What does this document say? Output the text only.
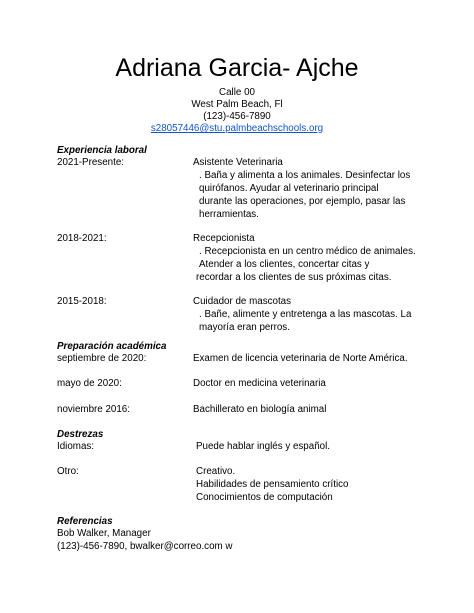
Adriana Garcia- Ajche
Calle 00
West Palm Beach, Fl
(123)-456-7890
s28057446@stu.palmbeachschools.org
Experiencia laboral
2021-Presente:	Asistente Veterinaria
. Baña y alimenta a los animales. Desinfectar los
quirófanos. Ayudar al veterinario principal
durante las operaciones, por ejemplo, pasar las
herramientas.
2018-2021:	Recepcionista
. Recepcionista en un centro médico de animales.
Atender a los clientes, concertar citas y
recordar a los clientes de sus próximas citas.
2015-2018:	Cuidador de mascotas
. Bañe, alimente y entretenga a las mascotas. La
mayoría eran perros.
Preparación académica
septiembre de 2020:	Examen de licencia veterinaria de Norte América.
mayo de 2020:	Doctor en medicina veterinaria
noviembre 2016:	Bachillerato en biología animal
Destrezas
Idiomas:	Puede hablar inglés y español.
Otro:	Creativo.
Habilidades de pensamiento crítico
Conocimientos de computación
Referencias
Bob Walker, Manager
(123)-456-7890, bwalker@correo.com w
